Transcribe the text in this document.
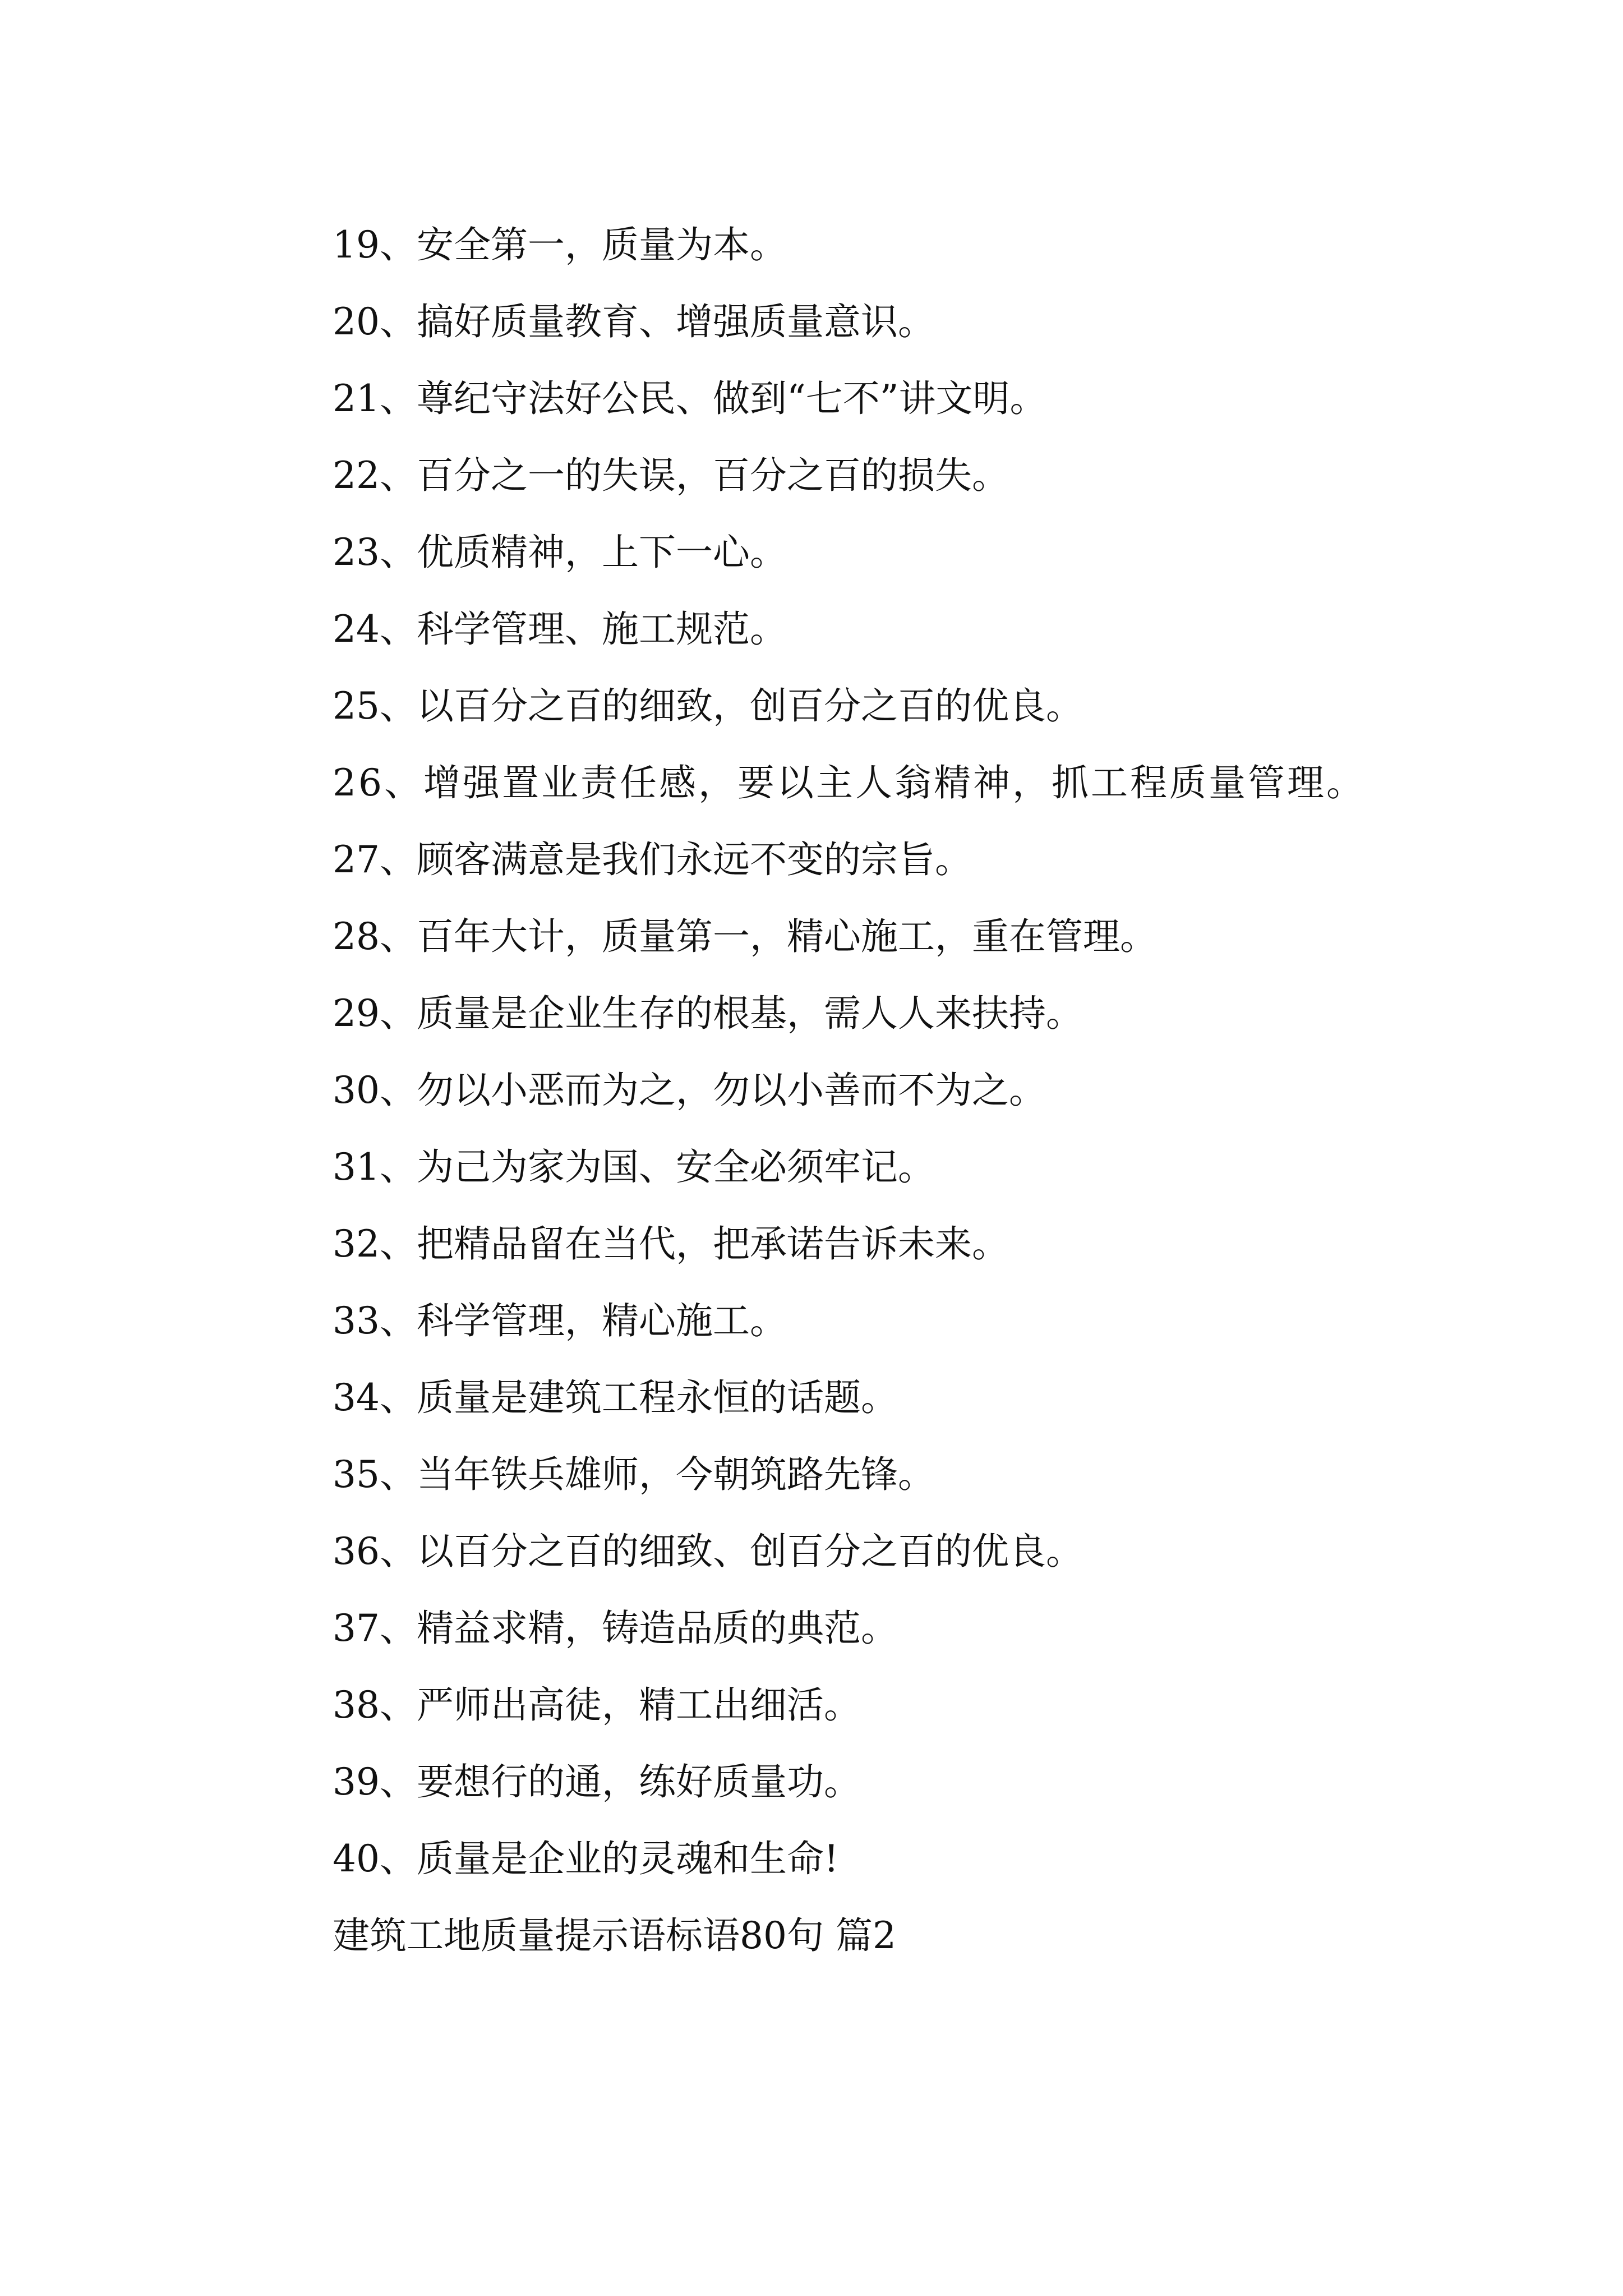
19、安全第一，质量为本。

20、搞好质量教育、增强质量意识。

21、尊纪守法好公民、做到“七不”讲文明。

22、百分之一的失误，百分之百的损失。

23、优质精神，上下一心。

24、科学管理、施工规范。

25、以百分之百的细致，创百分之百的优良。

26、增强置业责任感，要以主人翁精神，抓工程质量管理。

27、顾客满意是我们永远不变的宗旨。

28、百年大计，质量第一，精心施工，重在管理。

29、质量是企业生存的根基，需人人来扶持。

30、勿以小恶而为之，勿以小善而不为之。

31、为己为家为国、安全必须牢记。

32、把精品留在当代，把承诺告诉未来。

33、科学管理，精心施工。

34、质量是建筑工程永恒的话题。

35、当年铁兵雄师，今朝筑路先锋。

36、以百分之百的细致、创百分之百的优良。

37、精益求精，铸造品质的典范。

38、严师出高徒，精工出细活。

39、要想行的通，练好质量功。

40、质量是企业的灵魂和生命!

建筑工地质量提示语标语80句 篇2
